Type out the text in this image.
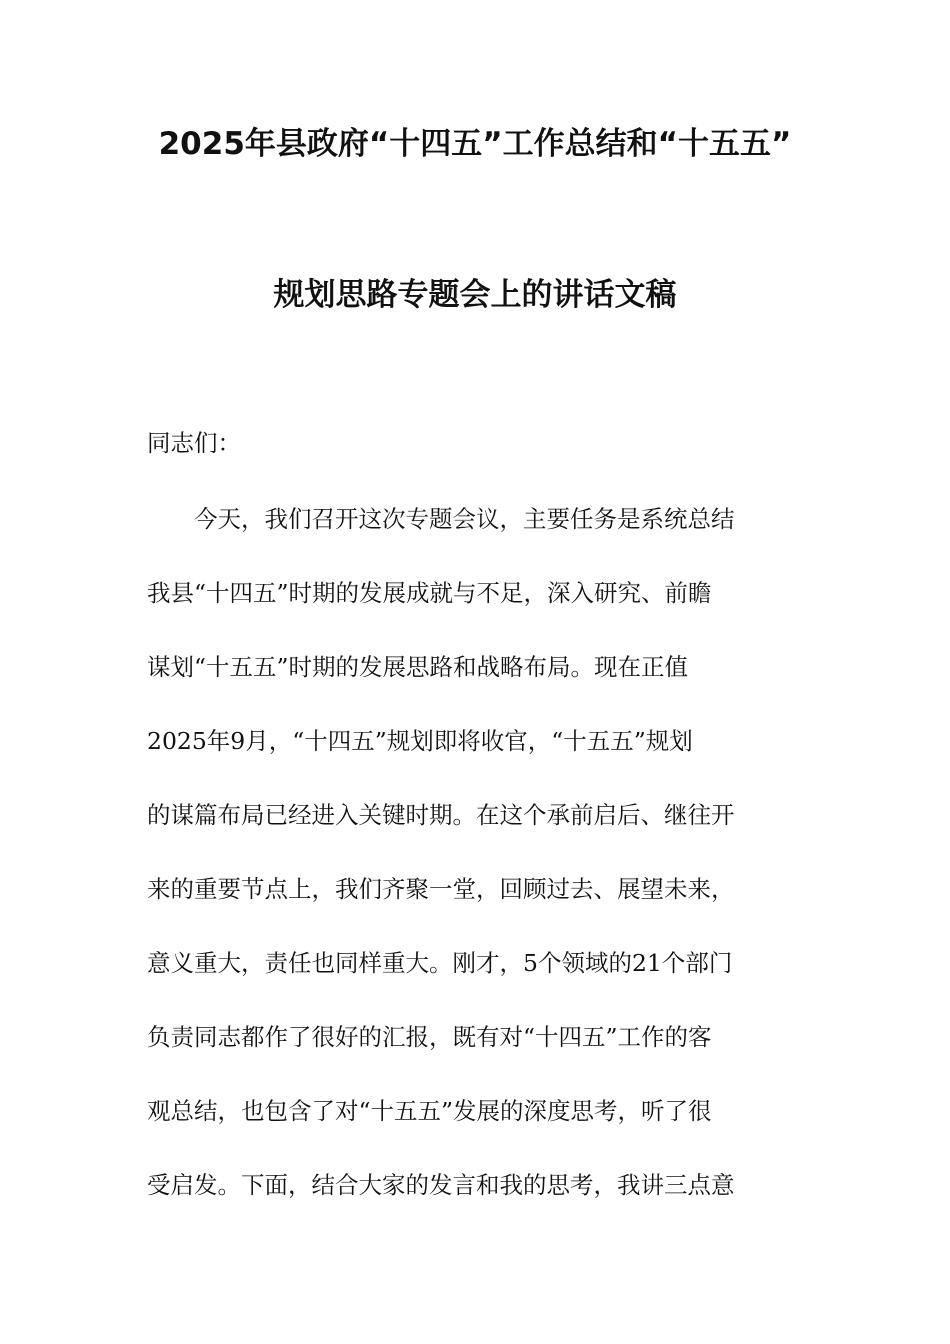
2025年县政府“十四五”工作总结和“十五五”
规划思路专题会上的讲话文稿
同志们：
今天，我们召开这次专题会议，主要任务是系统总结
我县“十四五”时期的发展成就与不足，深入研究、前瞻
谋划“十五五”时期的发展思路和战略布局。现在正值
2025年9月，“十四五”规划即将收官，“十五五”规划
的谋篇布局已经进入关键时期。在这个承前启后、继往开
来的重要节点上，我们齐聚一堂，回顾过去、展望未来，
意义重大，责任也同样重大。刚才，5个领域的21个部门
负责同志都作了很好的汇报，既有对“十四五”工作的客
观总结，也包含了对“十五五”发展的深度思考，听了很
受启发。下面，结合大家的发言和我的思考，我讲三点意
